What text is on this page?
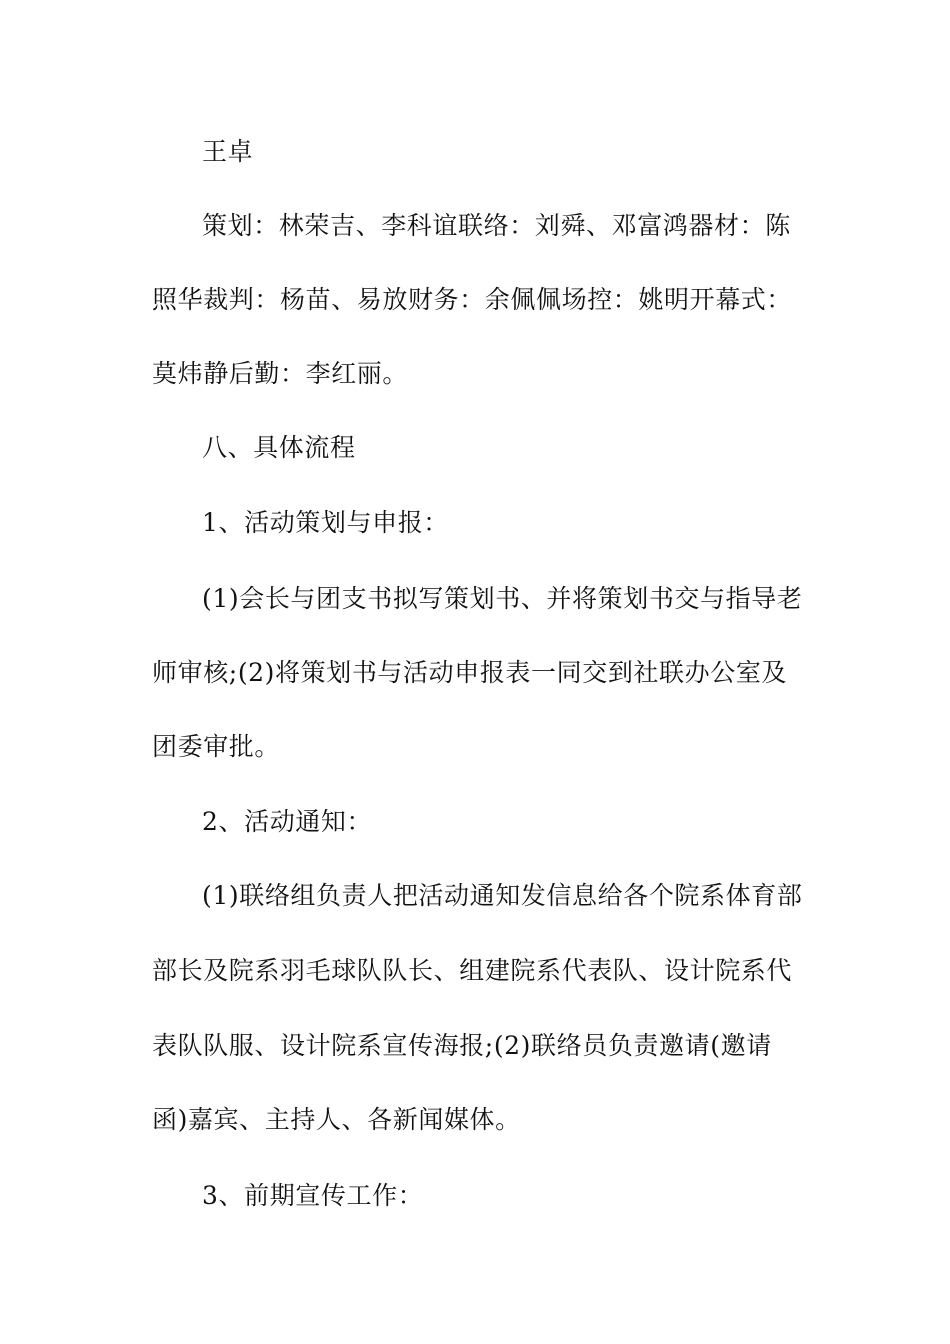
王卓
策划：林荣吉、李科谊联络：刘舜、邓富鸿器材：陈
照华裁判：杨苗、易放财务：余佩佩场控：姚明开幕式：
莫炜静后勤：李红丽。
八、具体流程
1、活动策划与申报：
(1)会长与团支书拟写策划书、并将策划书交与指导老
师审核;(2)将策划书与活动申报表一同交到社联办公室及
团委审批。
2、活动通知：
(1)联络组负责人把活动通知发信息给各个院系体育部
部长及院系羽毛球队队长、组建院系代表队、设计院系代
表队队服、设计院系宣传海报;(2)联络员负责邀请(邀请
函)嘉宾、主持人、各新闻媒体。
3、前期宣传工作：
